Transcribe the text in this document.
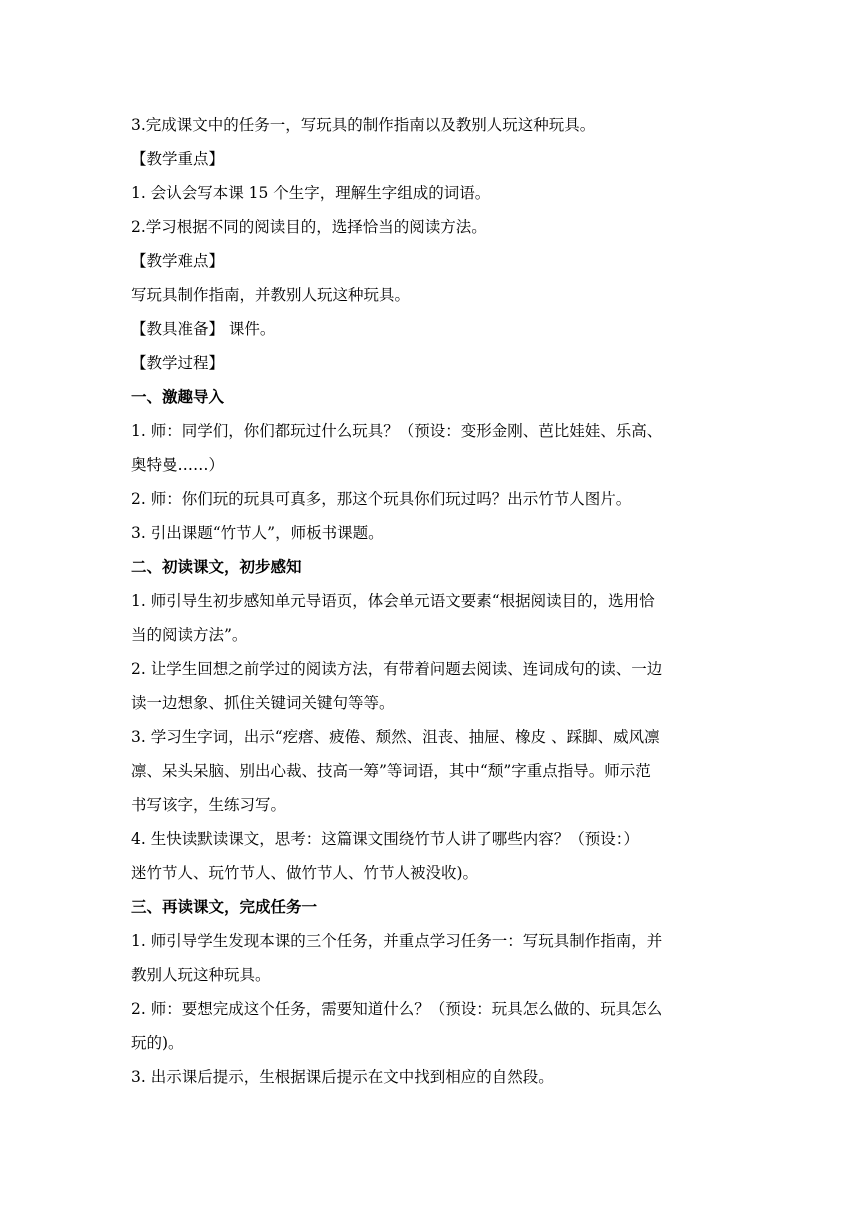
3.完成课文中的任务一，写玩具的制作指南以及教别人玩这种玩具。
【教学重点】
1. 会认会写本课 15 个生字，理解生字组成的词语。
2.学习根据不同的阅读目的，选择恰当的阅读方法。
【教学难点】
写玩具制作指南，并教别人玩这种玩具。
【教具准备】 课件。
【教学过程】
一、激趣导入
1. 师：同学们，你们都玩过什么玩具？（预设：变形金刚、芭比娃娃、乐高、
奥特曼……）
2. 师：你们玩的玩具可真多，那这个玩具你们玩过吗？出示竹节人图片。
3. 引出课题“竹节人”，师板书课题。
二、初读课文，初步感知
1. 师引导生初步感知单元导语页，体会单元语文要素“根据阅读目的，选用恰
当的阅读方法”。
2. 让学生回想之前学过的阅读方法，有带着问题去阅读、连词成句的读、一边
读一边想象、抓住关键词关键句等等。
3. 学习生字词，出示“疙瘩、疲倦、颓然、沮丧、抽屉、橡皮 、踩脚、威风凛
凛、呆头呆脑、别出心裁、技高一筹”等词语，其中“颓”字重点指导。师示范
书写该字，生练习写。
4. 生快读默读课文，思考：这篇课文围绕竹节人讲了哪些内容？（预设：）
迷竹节人、玩竹节人、做竹节人、竹节人被没收)。
三、再读课文，完成任务一
1. 师引导学生发现本课的三个任务，并重点学习任务一：写玩具制作指南，并
教别人玩这种玩具。
2. 师：要想完成这个任务，需要知道什么？（预设：玩具怎么做的、玩具怎么
玩的)。
3. 出示课后提示，生根据课后提示在文中找到相应的自然段。
